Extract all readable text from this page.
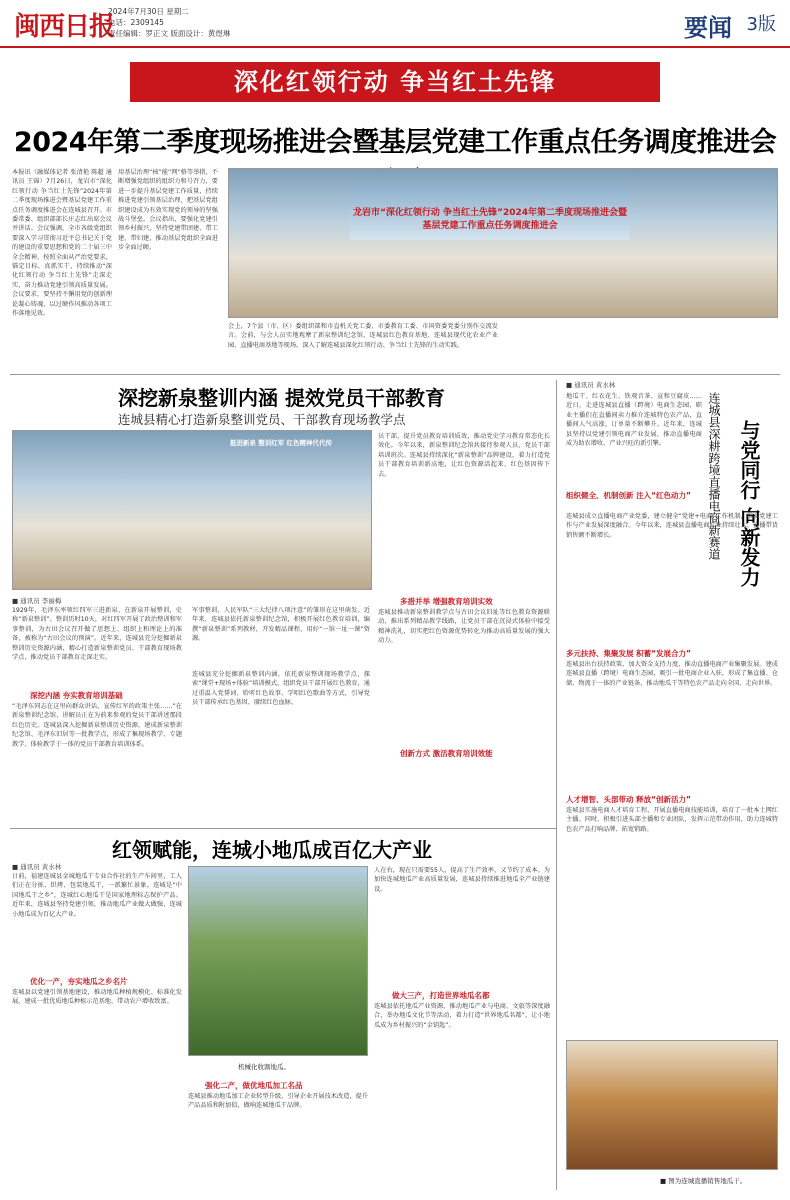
闽西日报
2024年7月30日 星期二
电话：2309145
责任编辑：罗正文 版面设计：黄煜琳	要闻 3版
深化红领行动 争当红土先锋
2024年第二季度现场推进会暨基层党建工作重点任务调度推进会
本报讯（融媒体记者 张清艳 陈超 通讯员 王锦）7月26日，龙岩市“深化红领行动 争当红土先锋”2024年第二季度现场推进会暨基层党建工作重点任务调度推进会在连城县召开。市委常委、组织部部长庄志红出席会议并讲话。会议强调，全市各级党组织要深入学习贯彻习近平总书记关于党的建设的重要思想和党的二十届三中全会精神，按照全面从严治党要求，锚定目标、真抓实干，持续推动“深化红领行动 争当红土先锋”走深走实，奋力推动党建引领高质量发展。会议要求，要坚持不懈用党的创新理论凝心铸魂，以过硬作风推动各项工作落地见效。
用基层治理“核”能“网”格等举措，不断增强党组织的组织力和号召力，要进一步提升基层党建工作质量，持续推进党建引领基层治理，把基层党组织建设成为有效实现党的领导的坚强战斗堡垒。会议指出，要强化党建引领乡村振兴，坚持党建带团建、带工建、带妇建，推动基层党组织全面进步全面过硬。
龙岩市“深化红领行动 争当红土先锋”2024年第二季度现场推进会暨基层党建工作重点任务调度推进会
会上，7个县（市、区）委组织部和市直机关党工委、市委教育工委、市国资委党委分别作交流发言。会前，与会人员实地观摩了新泉整训纪念馆、连城县红色教育基地、连城县现代化农业产业园、直播电商基地等现场，深入了解连城县深化红领行动、争当红土先锋的生动实践。
深挖新泉整训内涵 提效党员干部教育
连城县精心打造新泉整训党员、干部教育现场教学点
挺进新泉 整训红军 红色精神代代传
员干部，提升党员教育培训质效，推动党史学习教育常态化长效化。今年以来，新泉整训纪念馆共接待参观人员、党员干部培训班次。连城县持续深化“新泉整训”品牌建设，着力打造党员干部教育培训新高地，让红色资源活起来、红色基因传下去。
■ 通讯员 李丽梅
1929年，毛泽东率领红四军三进新泉，在新泉开展整训，史称“新泉整训”。整训历时10天，对红四军开展了政治整训和军事整训，为古田会议召开做了思想上、组织上和理论上的准备，被称为“古田会议的预演”。近年来，连城县充分挖掘新泉整训历史资源内涵，精心打造新泉整训党员、干部教育现场教学点，推动党员干部教育走深走实。
深挖内涵 夯实教育培训基础
“毛泽东同志在这里向群众讲话，宣传红军的政策主张……”在新泉整训纪念馆，讲解员正在为前来参观的党员干部讲述那段红色历史。连城县深入挖掘新泉整训历史资源，建成新泉整训纪念馆、毛泽东旧居等一批教学点，形成了集现场教学、专题教学、体验教学于一体的党员干部教育培训体系。
军事整训，人民军队“三大纪律八项注意”的雏形在这里萌发。近年来，连城县依托新泉整训纪念馆，积极开展红色教育培训，编撰“新泉整训”系列教材，开发精品课程，用好“一馆一址一课”资源。
多措并举 增强教育培训实效
连城县充分挖掘新泉整训内涵，依托新泉整训现场教学点，探索“课堂+现场+体验”培训模式，组织党员干部开展红色教育，通过重温入党誓词、聆听红色故事、学唱红色歌曲等方式，引导党员干部传承红色基因、赓续红色血脉。
创新方式 激活教育培训效能
连城县推动新泉整训教学点与古田会议旧址等红色教育资源联动，推出系列精品教学线路，让党员干部在沉浸式体验中接受精神洗礼，切实把红色资源优势转化为推动高质量发展的强大动力。
■ 通讯员 黄水林
与党同行 向新发力
连城县深耕跨境直播电商新赛道
地瓜干、红衣花生、铁观音茶、宣和豆腐皮……近日，走进连城县直播（跨境）电商生态园，职业主播们在直播间卖力推介连城特色农产品，直播间人气高涨，订单量不断攀升。近年来，连城县坚持以党建引领电商产业发展，推动直播电商成为助农增收、产业兴旺的新引擎。
组织健全、机制创新 注入“红色动力”
连城县成立直播电商产业党委，建立健全“党建+电商”工作机制，推动党建工作与产业发展深度融合。今年以来，连城县直播电商产业持续壮大，直播带货销售额不断增长。
多元扶持、集聚发展 积蓄“发展合力”
连城县出台扶持政策，加大资金支持力度，推动直播电商产业集聚发展。建成连城县直播（跨境）电商生态园，吸引一批电商企业入驻，形成了集直播、仓储、物流于一体的产业链条，推动地瓜干等特色农产品走向全国、走向世界。
人才增智、头部带动 释放“创新活力”
连城县实施电商人才培育工程，开展直播电商技能培训，培育了一批本土网红主播。同时，积极引进头部主播和专业团队，发挥示范带动作用，助力连城特色农产品打响品牌、拓宽销路。
■ 图为连城直播销售地瓜干。
红领赋能，连城小地瓜成百亿大产业
■ 通讯员 黄水林
日前，福建连城县金城地瓜干专业合作社的生产车间里，工人们正在分拣、烘烤、包装地瓜干，一派繁忙景象。连城是“中国地瓜干之乡”，连城红心地瓜干是国家地理标志保护产品。近年来，连城县坚持党建引领，推动地瓜产业做大做强，连城小地瓜成为百亿大产业。
优化一产，夯实地瓜之乡名片
连城县以党建引领基地建设，推动地瓜种植规模化、标准化发展，建成一批优质地瓜种植示范基地，带动农户增收致富。
机械化收割地瓜。
强化二产，做优地瓜加工名品
连城县推动地瓜加工企业转型升级，引导企业开展技术改造，提升产品品质和附加值，做响连城地瓜干品牌。
人在右，现在只需要55人，提高了生产效率，又节约了成本。为加快连城地瓜产业高质量发展，连城县持续推进地瓜全产业链建设。
做大三产，打造世界地瓜名都
连城县依托地瓜产业资源，推动地瓜产业与电商、文旅等深度融合，举办地瓜文化节等活动，着力打造“世界地瓜名都”，让小地瓜成为乡村振兴的“金钥匙”。
